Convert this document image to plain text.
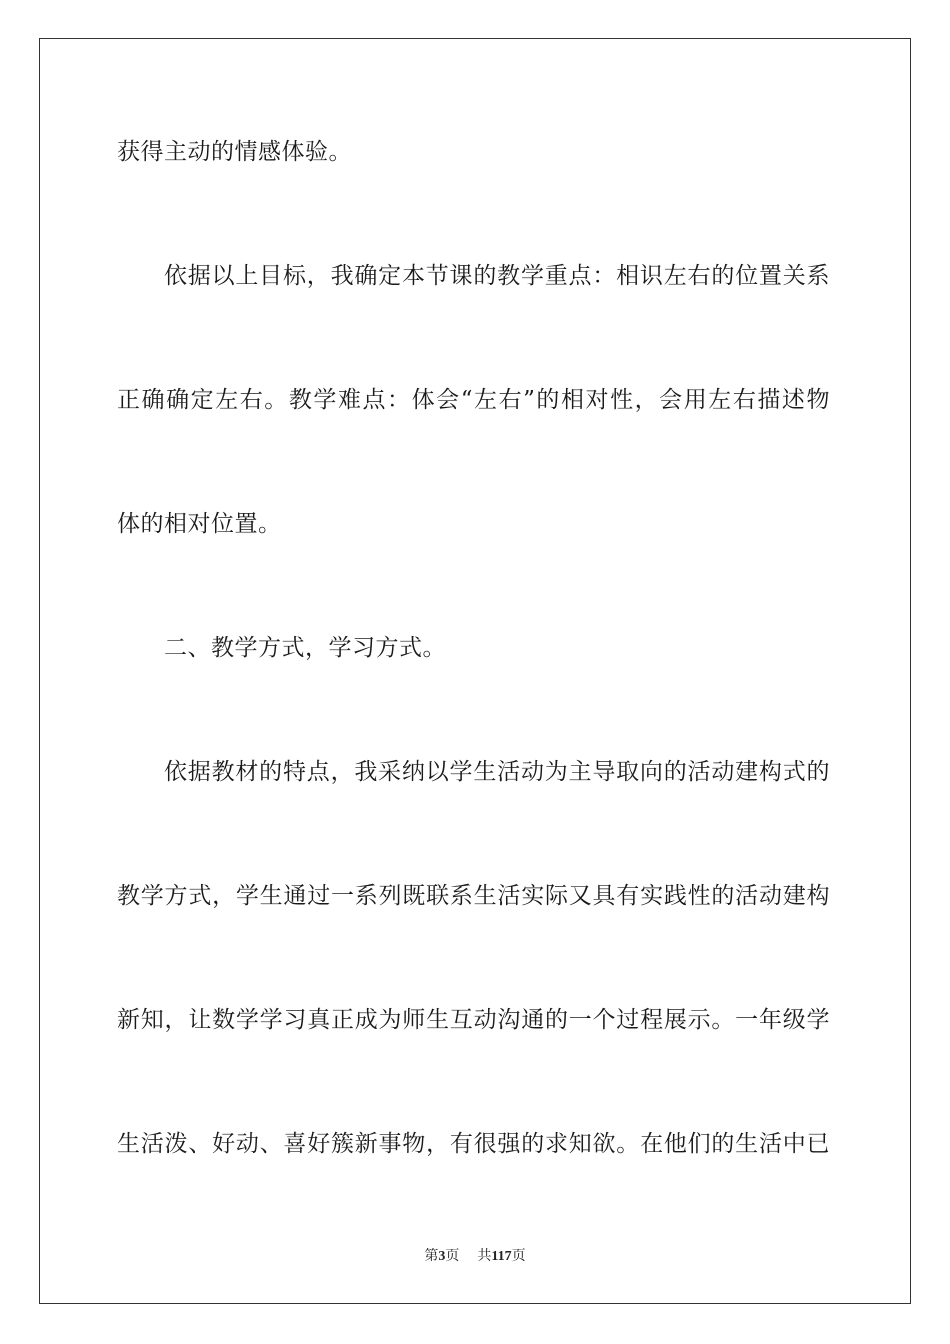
获得主动的情感体验。
依据以上目标，我确定本节课的教学重点：相识左右的位置关系
正确确定左右。教学难点：体会“左右”的相对性，会用左右描述物
体的相对位置。
二、教学方式，学习方式。
依据教材的特点，我采纳以学生活动为主导取向的活动建构式的
教学方式，学生通过一系列既联系生活实际又具有实践性的活动建构
新知，让数学学习真正成为师生互动沟通的一个过程展示。一年级学
生活泼、好动、喜好簇新事物，有很强的求知欲。在他们的生活中已
第3页 共117页
